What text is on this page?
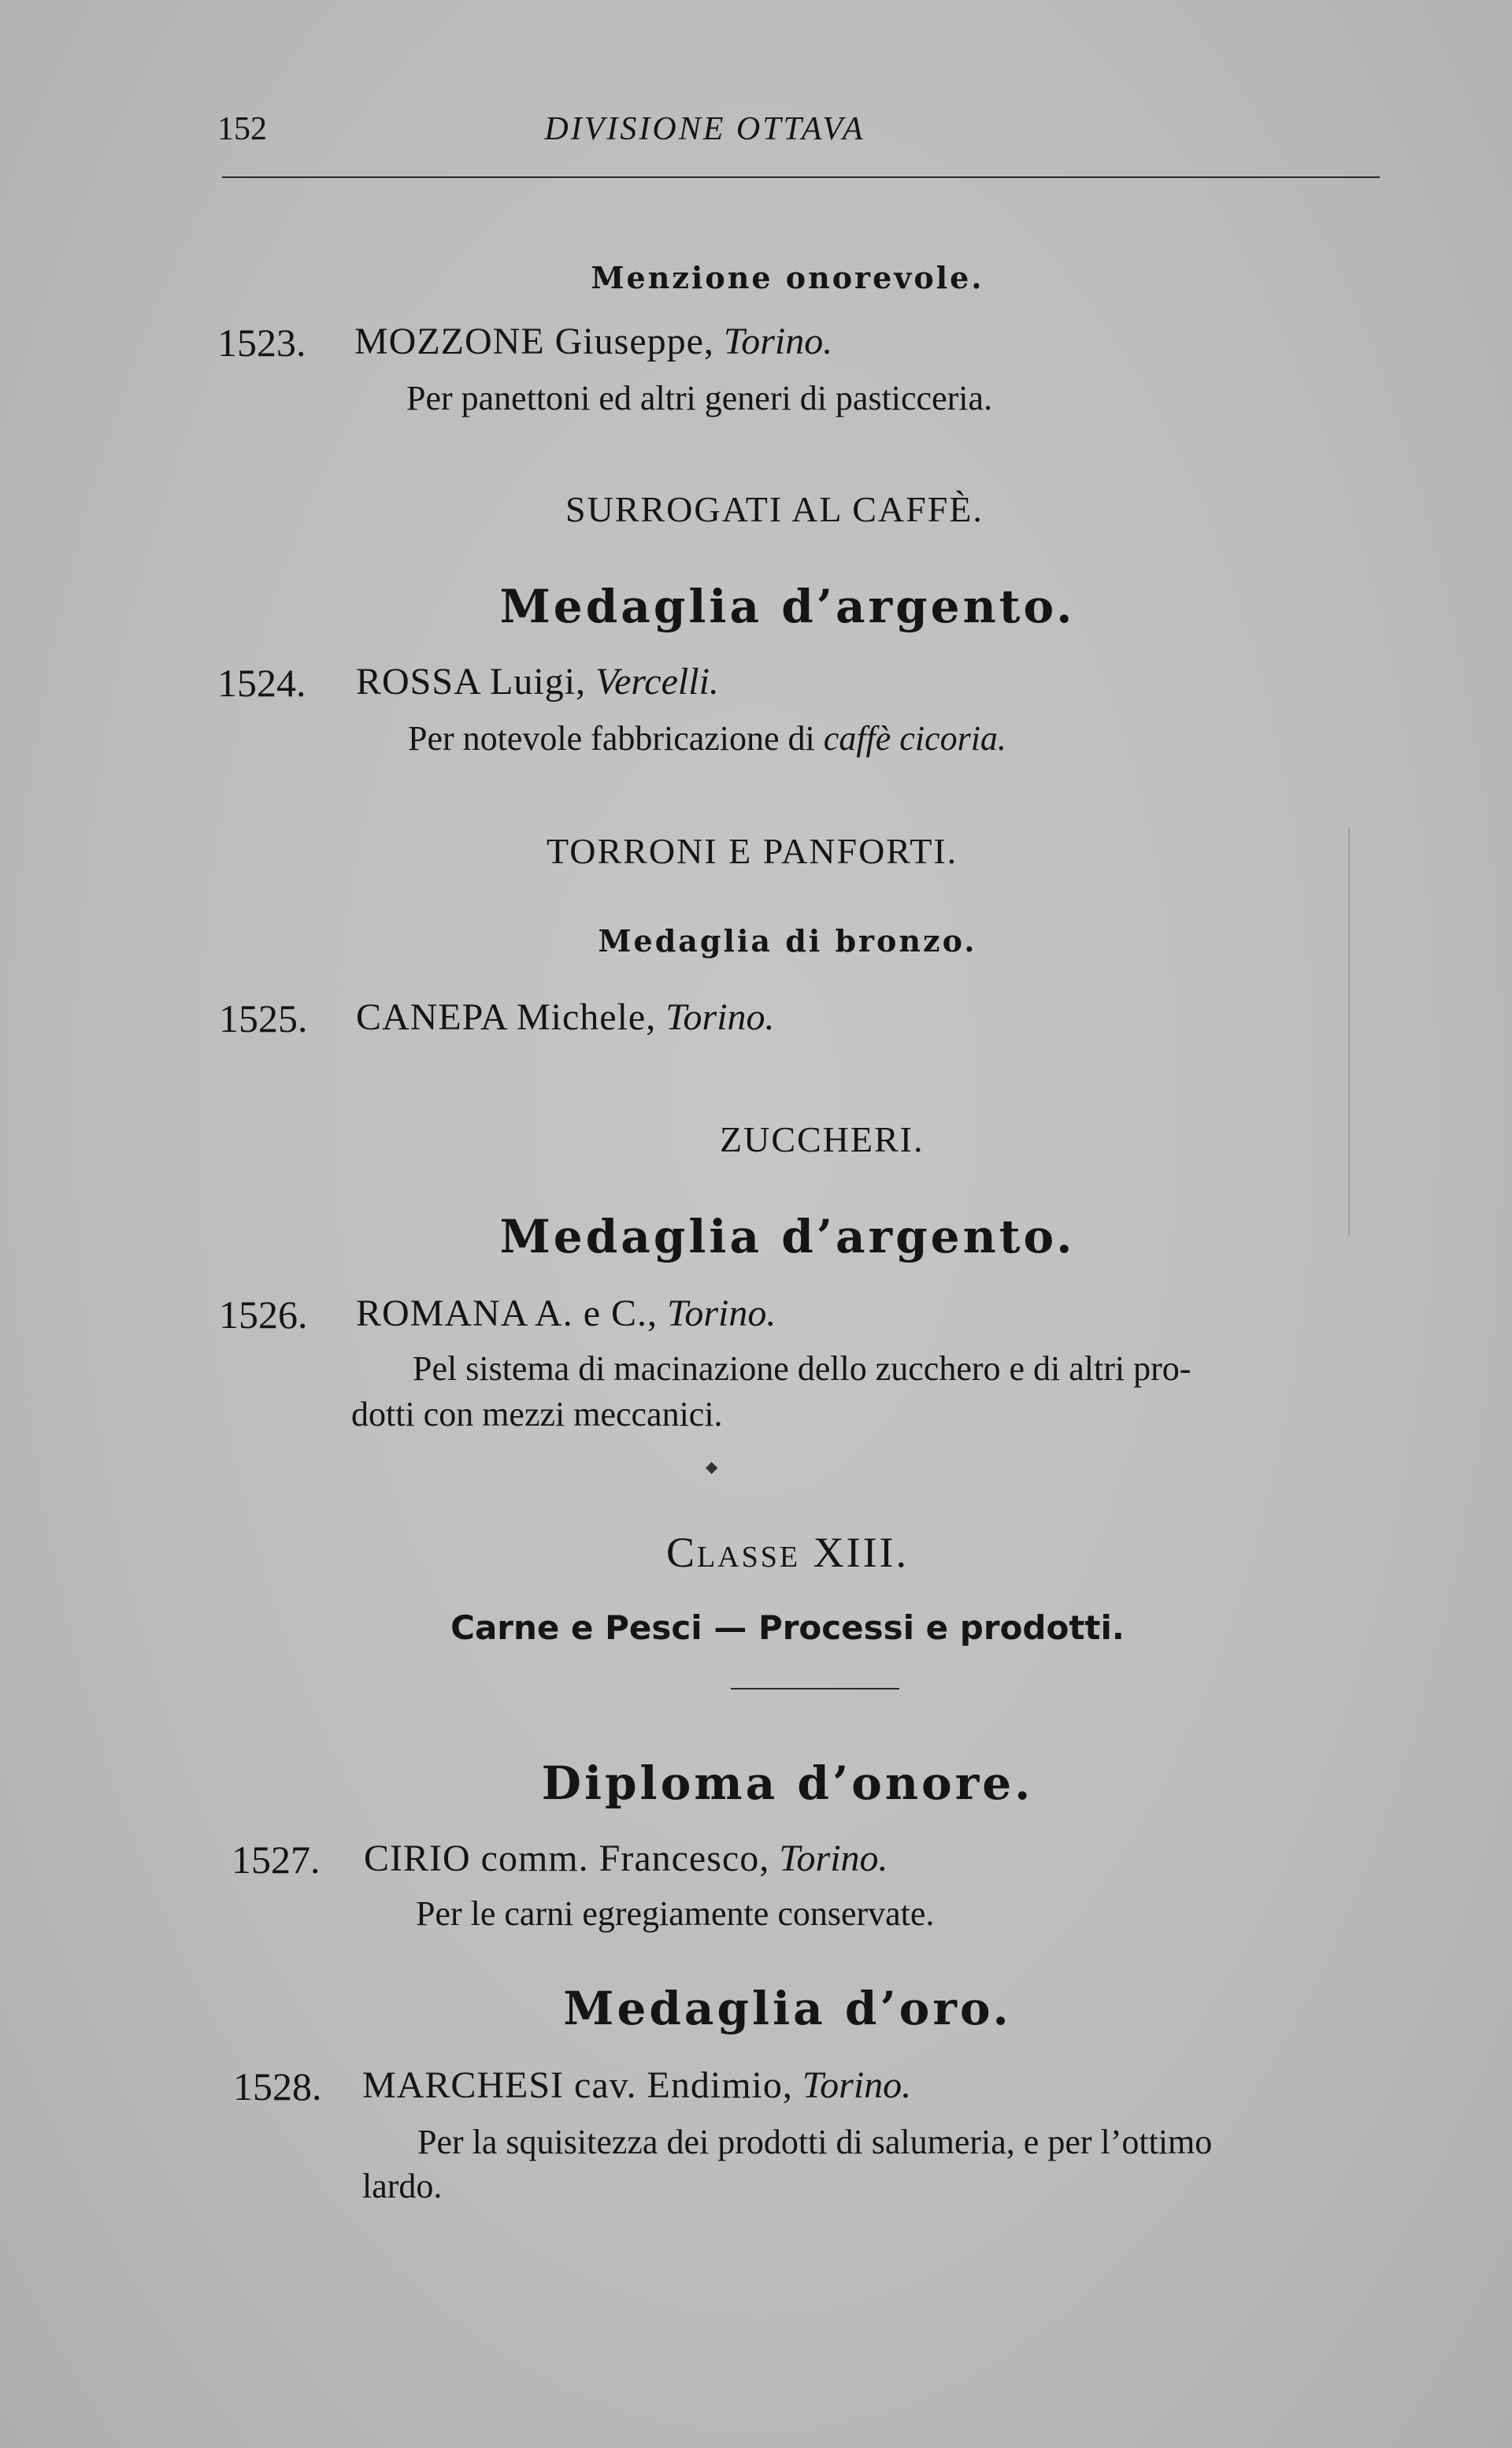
152	DIVISIONE OTTAVA
Menzione onorevole.
1523. MOZZONE Giuseppe, Torino.
Per panettoni ed altri generi di pasticceria.
SURROGATI AL CAFFÈ.
Medaglia d’argento.
1524. ROSSA Luigi, Vercelli.
Per notevole fabbricazione di caffè cicoria.
TORRONI E PANFORTI.
Medaglia di bronzo.
1525. CANEPA Michele, Torino.
ZUCCHERI.
Medaglia d’argento.
1526. ROMANA A. e C., Torino.
Pel sistema di macinazione dello zucchero e di altri pro-
dotti con mezzi meccanici.
◆
Classe XIII.
Carne e Pesci — Processi e prodotti.
Diploma d’onore.
1527. CIRIO comm. Francesco, Torino.
Per le carni egregiamente conservate.
Medaglia d’oro.
1528. MARCHESI cav. Endimio, Torino.
Per la squisitezza dei prodotti di salumeria, e per l’ottimo
lardo.
